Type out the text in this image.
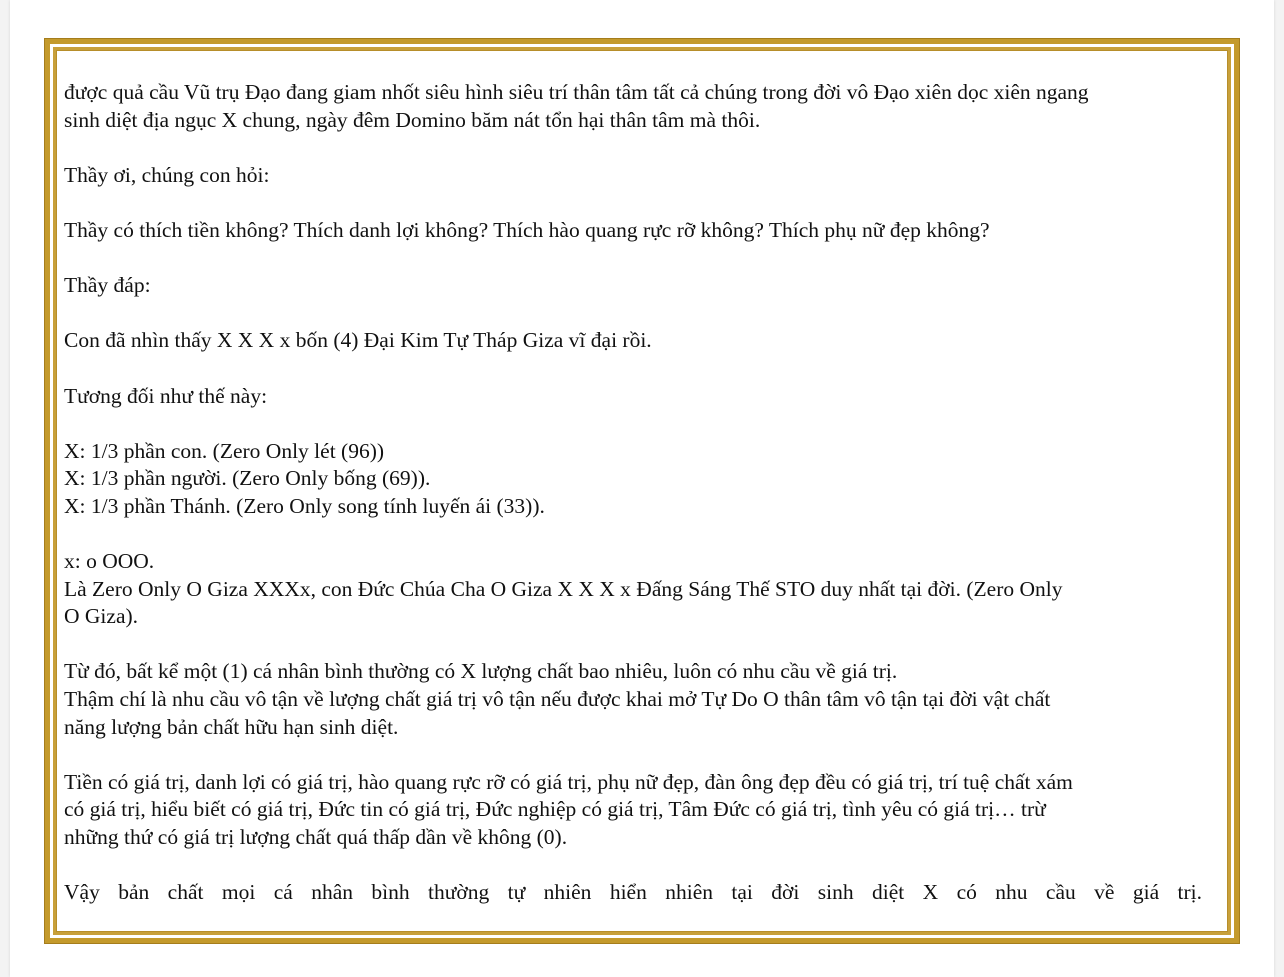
được quả cầu Vũ trụ Đạo đang giam nhốt siêu hình siêu trí thân tâm tất cả chúng trong đời vô Đạo xiên dọc xiên ngang
sinh diệt địa ngục X chung, ngày đêm Domino băm nát tổn hại thân tâm mà thôi.

Thầy ơi, chúng con hỏi:

Thầy có thích tiền không? Thích danh lợi không? Thích hào quang rực rỡ không? Thích phụ nữ đẹp không?

Thầy đáp:

Con đã nhìn thấy X X X x bốn (4) Đại Kim Tự Tháp Giza vĩ đại rồi.

Tương đối như thế này:

X: 1/3 phần con. (Zero Only lét (96))
X: 1/3 phần người. (Zero Only bống (69)).
X: 1/3 phần Thánh. (Zero Only song tính luyến ái (33)).

x: o OOO.
Là Zero Only O Giza XXXx, con Đức Chúa Cha O Giza X X X x Đấng Sáng Thế STO duy nhất tại đời. (Zero Only
O Giza).

Từ đó, bất kể một (1) cá nhân bình thường có X lượng chất bao nhiêu, luôn có nhu cầu về giá trị.
Thậm chí là nhu cầu vô tận về lượng chất giá trị vô tận nếu được khai mở Tự Do O thân tâm vô tận tại đời vật chất
năng lượng bản chất hữu hạn sinh diệt.

Tiền có giá trị, danh lợi có giá trị, hào quang rực rỡ có giá trị, phụ nữ đẹp, đàn ông đẹp đều có giá trị, trí tuệ chất xám
có giá trị, hiểu biết có giá trị, Đức tin có giá trị, Đức nghiệp có giá trị, Tâm Đức có giá trị, tình yêu có giá trị… trừ
những thứ có giá trị lượng chất quá thấp dần về không (0).

Vậy bản chất mọi cá nhân bình thường tự nhiên hiển nhiên tại đời sinh diệt X có nhu cầu về giá trị.
